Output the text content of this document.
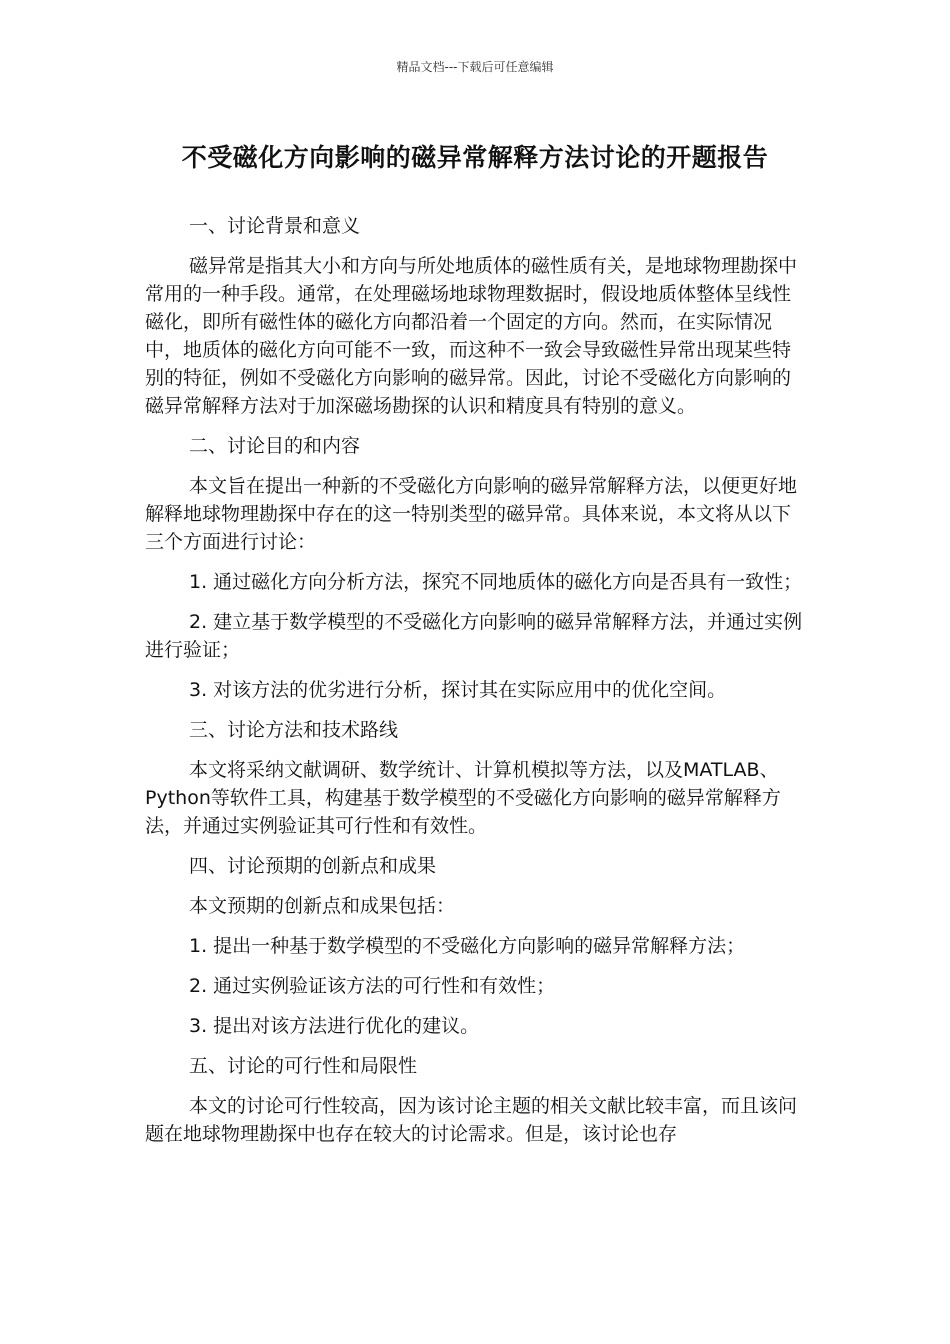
精品文档---下载后可任意编辑
不受磁化方向影响的磁异常解释方法讨论的开题报告

一、讨论背景和意义

磁异常是指其大小和方向与所处地质体的磁性质有关，是地球物理勘探中常用的一种手段。通常，在处理磁场地球物理数据时，假设地质体整体呈线性磁化，即所有磁性体的磁化方向都沿着一个固定的方向。然而，在实际情况中，地质体的磁化方向可能不一致，而这种不一致会导致磁性异常出现某些特别的特征，例如不受磁化方向影响的磁异常。因此，讨论不受磁化方向影响的磁异常解释方法对于加深磁场勘探的认识和精度具有特别的意义。

二、讨论目的和内容

本文旨在提出一种新的不受磁化方向影响的磁异常解释方法，以便更好地解释地球物理勘探中存在的这一特别类型的磁异常。具体来说，本文将从以下三个方面进行讨论：

1. 通过磁化方向分析方法，探究不同地质体的磁化方向是否具有一致性；

2. 建立基于数学模型的不受磁化方向影响的磁异常解释方法，并通过实例进行验证；

3. 对该方法的优劣进行分析，探讨其在实际应用中的优化空间。

三、讨论方法和技术路线

本文将采纳文献调研、数学统计、计算机模拟等方法，以及MATLAB、Python等软件工具，构建基于数学模型的不受磁化方向影响的磁异常解释方法，并通过实例验证其可行性和有效性。

四、讨论预期的创新点和成果

本文预期的创新点和成果包括：

1. 提出一种基于数学模型的不受磁化方向影响的磁异常解释方法；

2. 通过实例验证该方法的可行性和有效性；

3. 提出对该方法进行优化的建议。

五、讨论的可行性和局限性

本文的讨论可行性较高，因为该讨论主题的相关文献比较丰富，而且该问题在地球物理勘探中也存在较大的讨论需求。但是，该讨论也存
